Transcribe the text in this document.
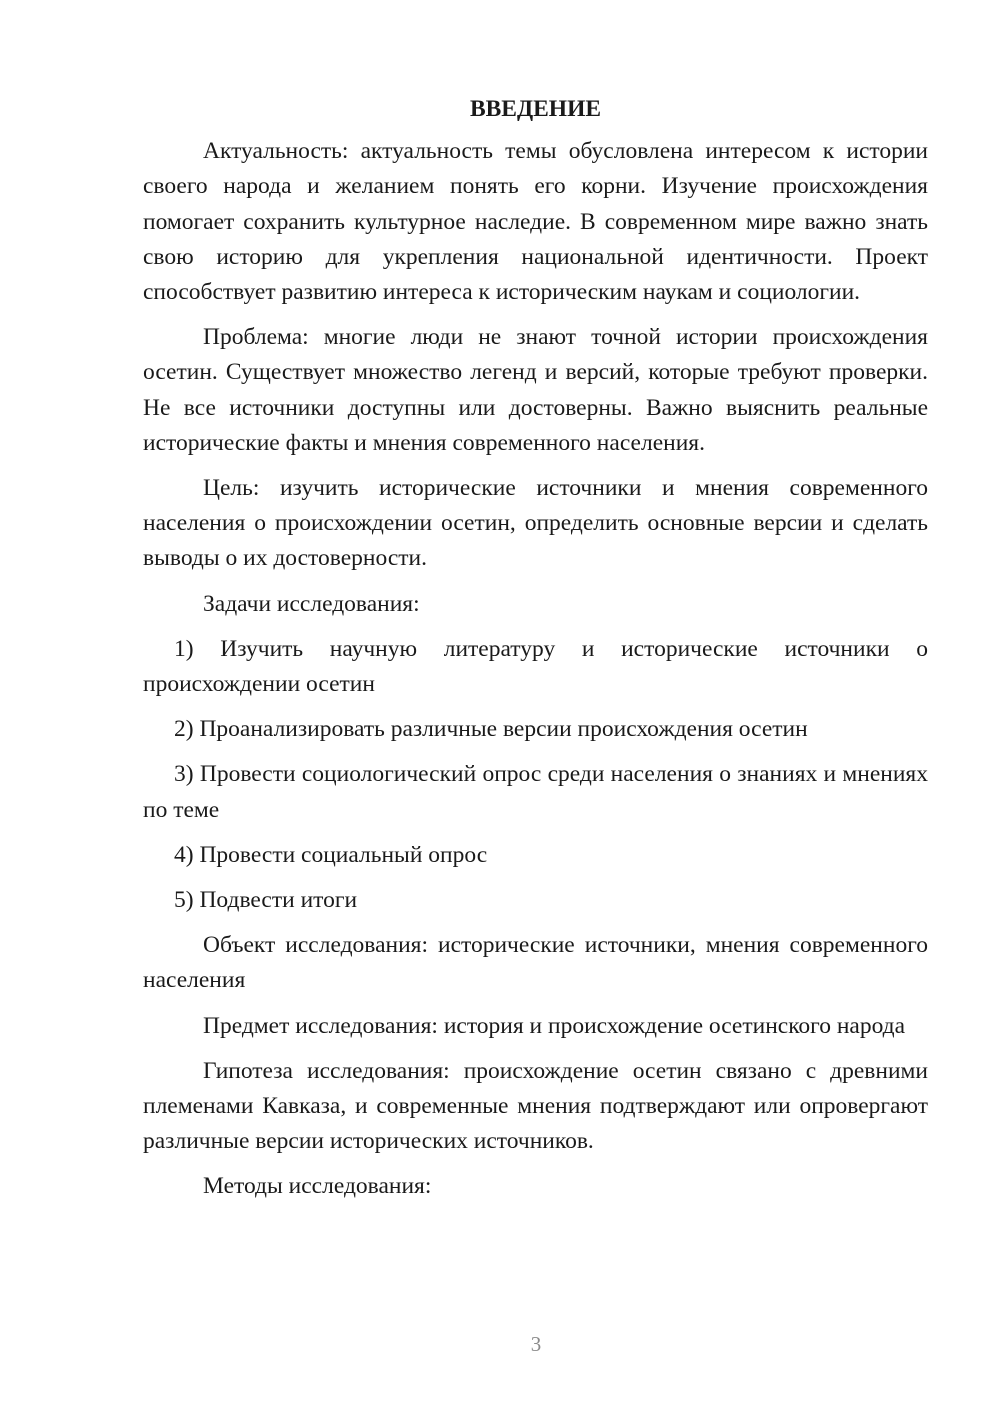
ВВЕДЕНИЕ

Актуальность: актуальность темы обусловлена интересом к истории своего народа и желанием понять его корни. Изучение происхождения помогает сохранить культурное наследие. В современном мире важно знать свою историю для укрепления национальной идентичности. Проект способствует развитию интереса к историческим наукам и социологии.

Проблема: многие люди не знают точной истории происхождения осетин. Существует множество легенд и версий, которые требуют проверки. Не все источники доступны или достоверны. Важно выяснить реальные исторические факты и мнения современного населения.

Цель: изучить исторические источники и мнения современного населения о происхождении осетин, определить основные версии и сделать выводы о их достоверности.

Задачи исследования:

1) Изучить научную литературу и исторические источники о происхождении осетин

2) Проанализировать различные версии происхождения осетин

3) Провести социологический опрос среди населения о знаниях и мнениях по теме

4) Провести социальный опрос

5) Подвести итоги

Объект исследования: исторические источники, мнения современного населения

Предмет исследования: история и происхождение осетинского народа

Гипотеза исследования: происхождение осетин связано с древними племенами Кавказа, и современные мнения подтверждают или опровергают различные версии исторических источников.

Методы исследования:

3
